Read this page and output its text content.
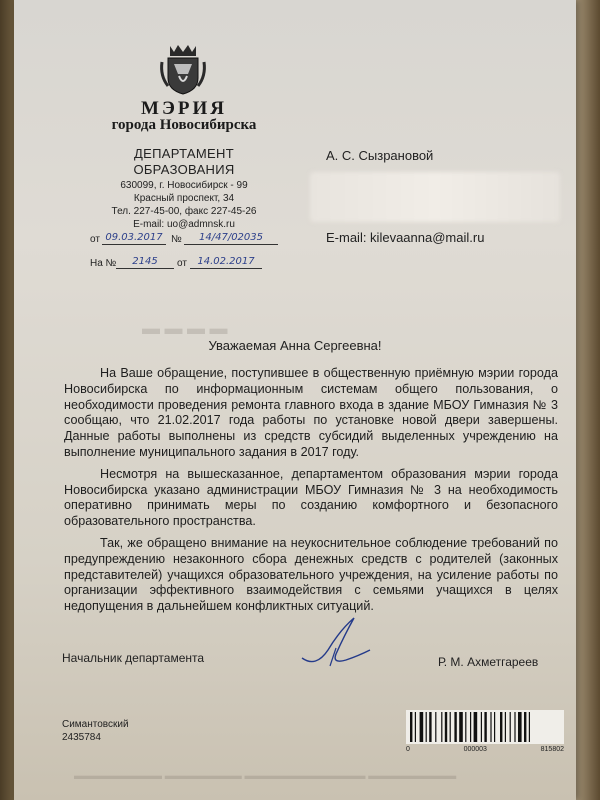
МЭРИЯ
города Новосибирска
ДЕПАРТАМЕНТ
ОБРАЗОВАНИЯ
630099, г. Новосибирск - 99
Красный проспект, 34
Тел. 227-45-00, факс 227-45-26
E-mail: uo@admnsk.ru
от 09.03.2017 №	14/47/02035
На №	2145	от	14.02.2017
А. С. Сызрановой
E-mail: kilevaanna@mail.ru
▬ ▬ ▬ ▬
Уважаемая Анна Сергеевна!

На Ваше обращение, поступившее в общественную приёмную мэрии города Новосибирска по информационным системам общего пользования, о необходимости проведения ремонта главного входа в здание МБОУ Гимназия № 3 сообщаю, что 21.02.2017 года работы по установке новой двери завершены. Данные работы выполнены из средств субсидий выделенных учреждению на выполнение муниципального задания в 2017 году.

Несмотря на вышесказанное, департаментом образования мэрии города Новосибирска указано администрации МБОУ Гимназия № 3 на необходимость оперативно принимать меры по созданию комфортного и безопасного образовательного пространства.

Так, же обращено внимание на неукоснительное соблюдение требований по предупреждению незаконного сбора денежных средств с родителей (законных представителей) учащихся образовательного учреждения, на усиление работы по организации эффективного взаимодействия с семьями учащихся в целях недопущения в дальнейшем конфликтных ситуаций.

Начальник департамента	Р. М. Ахметгареев
Симантовский
2435784
0	000003	815802
▬▬▬▬▬▬▬▬ ▬▬▬▬▬▬▬ ▬▬▬▬▬▬▬▬▬▬▬ ▬▬▬▬▬▬▬▬
